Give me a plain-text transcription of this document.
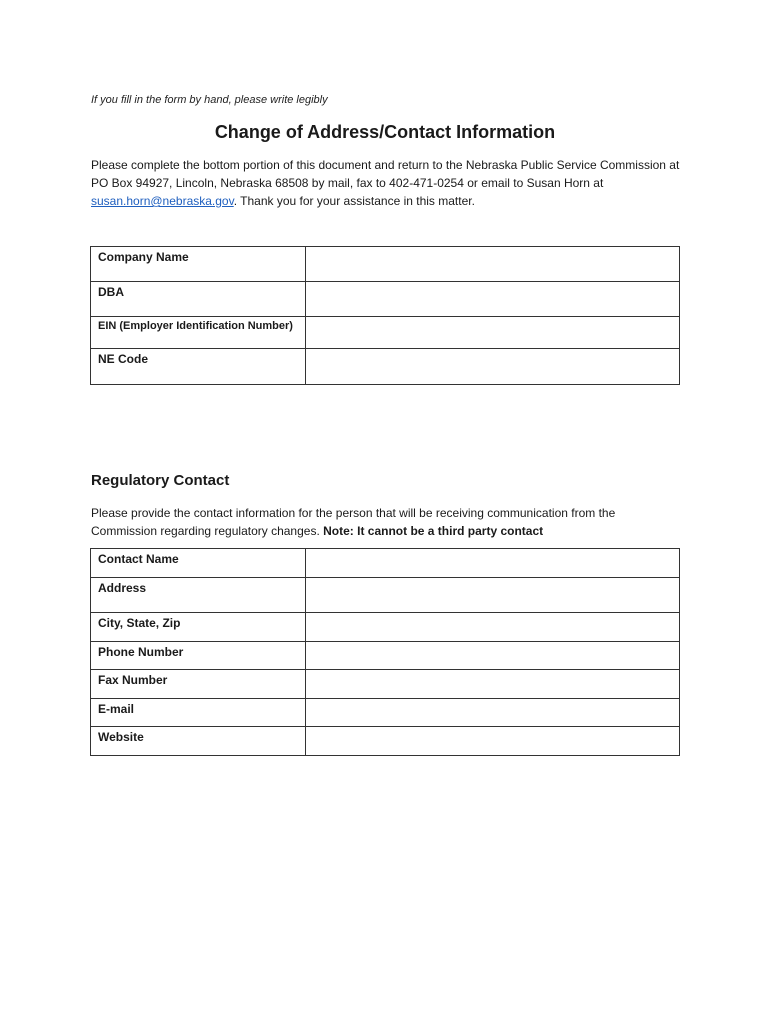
If you fill in the form by hand, please write legibly
Change of Address/Contact Information
Please complete the bottom portion of this document and return to the Nebraska Public Service Commission at PO Box 94927, Lincoln, Nebraska 68508 by mail, fax to 402-471-0254 or email to Susan Horn at susan.horn@nebraska.gov. Thank you for your assistance in this matter.
Company Name	
DBA	
EIN (Employer Identification Number)	
NE Code	
Regulatory Contact
Please provide the contact information for the person that will be receiving communication from the Commission regarding regulatory changes. Note: It cannot be a third party contact
Contact Name	
Address	
City, State, Zip	
Phone Number	
Fax Number	
E-mail	
Website	
